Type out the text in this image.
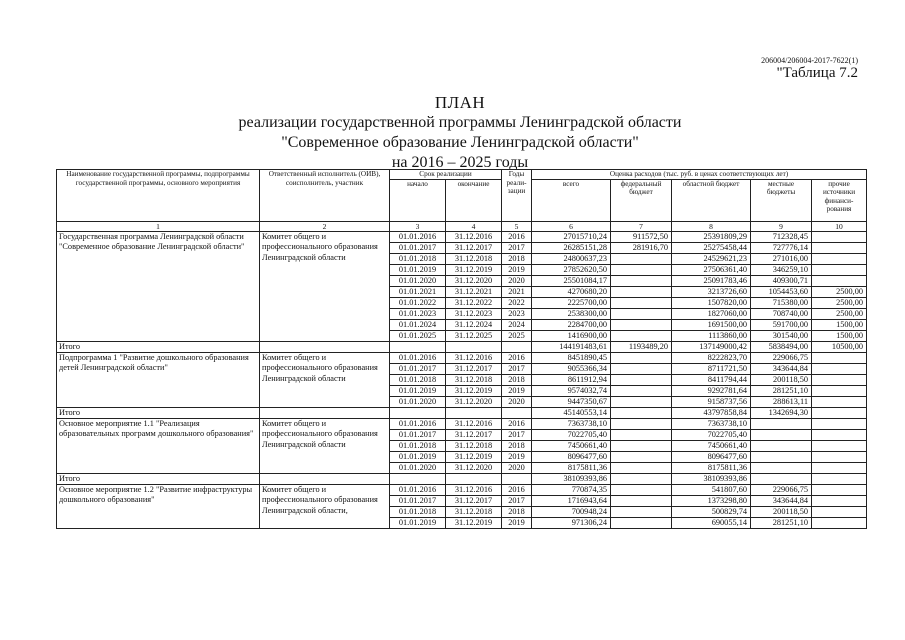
206004/206004-2017-7622(1)
"Таблица 7.2
ПЛАН
реализации государственной программы Ленинградской области
"Современное образование Ленинградской области"
на 2016 – 2025 годы
Наименование государственной программы, подпрограммы государственной программы, основного мероприятия	Ответственный исполнитель (ОИВ), соисполнитель, участник	Срок реализации		Годы реали-зации	Оценка расходов (тыс. руб. в ценах соответствующих лет)				
		начало	окончание		всего	федеральный бюджет	областной бюджет	местные бюджеты	прочие источники финанси-рования
1	2	3	4	5	6	7	8	9	10
Государственная программа Ленинградской области "Современное образование Ленинградской области"	Комитет общего и профессионального образования Ленинградской области	01.01.2016	31.12.2016	2016	27015710,24	911572,50	25391809,29	712328,45	
		01.01.2017	31.12.2017	2017	26285151,28	281916,70	25275458,44	727776,14	
		01.01.2018	31.12.2018	2018	24800637,23		24529621,23	271016,00	
		01.01.2019	31.12.2019	2019	27852620,50		27506361,40	346259,10	
		01.01.2020	31.12.2020	2020	25501084,17		25091783,46	409300,71	
		01.01.2021	31.12.2021	2021	4270680,20		3213726,60	1054453,60	2500,00
		01.01.2022	31.12.2022	2022	2225700,00		1507820,00	715380,00	2500,00
		01.01.2023	31.12.2023	2023	2538300,00		1827060,00	708740,00	2500,00
		01.01.2024	31.12.2024	2024	2284700,00		1691500,00	591700,00	1500,00
		01.01.2025	31.12.2025	2025	1416900,00		1113860,00	301540,00	1500,00
Итого					144191483,61	1193489,20	137149000,42	5838494,00	10500,00
Подпрограмма 1 "Развитие дошкольного образования детей Ленинградской области"	Комитет общего и профессионального образования Ленинградской области	01.01.2016	31.12.2016	2016	8451890,45		8222823,70	229066,75	
		01.01.2017	31.12.2017	2017	9055366,34		8711721,50	343644,84	
		01.01.2018	31.12.2018	2018	8611912,94		8411794,44	200118,50	
		01.01.2019	31.12.2019	2019	9574032,74		9292781,64	281251,10	
		01.01.2020	31.12.2020	2020	9447350,67		9158737,56	288613,11	
Итого					45140553,14		43797858,84	1342694,30	
Основное мероприятие 1.1 "Реализация образовательных программ дошкольного образования"	Комитет общего и профессионального образования Ленинградской области	01.01.2016	31.12.2016	2016	7363738,10		7363738,10		
		01.01.2017	31.12.2017	2017	7022705,40		7022705,40		
		01.01.2018	31.12.2018	2018	7450661,40		7450661,40		
		01.01.2019	31.12.2019	2019	8096477,60		8096477,60		
		01.01.2020	31.12.2020	2020	8175811,36		8175811,36		
Итого					38109393,86		38109393,86		
Основное мероприятие 1.2 "Развитие инфраструктуры дошкольного образования"	Комитет общего и профессионального образования Ленинградской области,	01.01.2016	31.12.2016	2016	770874,35		541807,60	229066,75	
		01.01.2017	31.12.2017	2017	1716943,64		1373298,80	343644,84	
		01.01.2018	31.12.2018	2018	700948,24		500829,74	200118,50	
		01.01.2019	31.12.2019	2019	971306,24		690055,14	281251,10	
